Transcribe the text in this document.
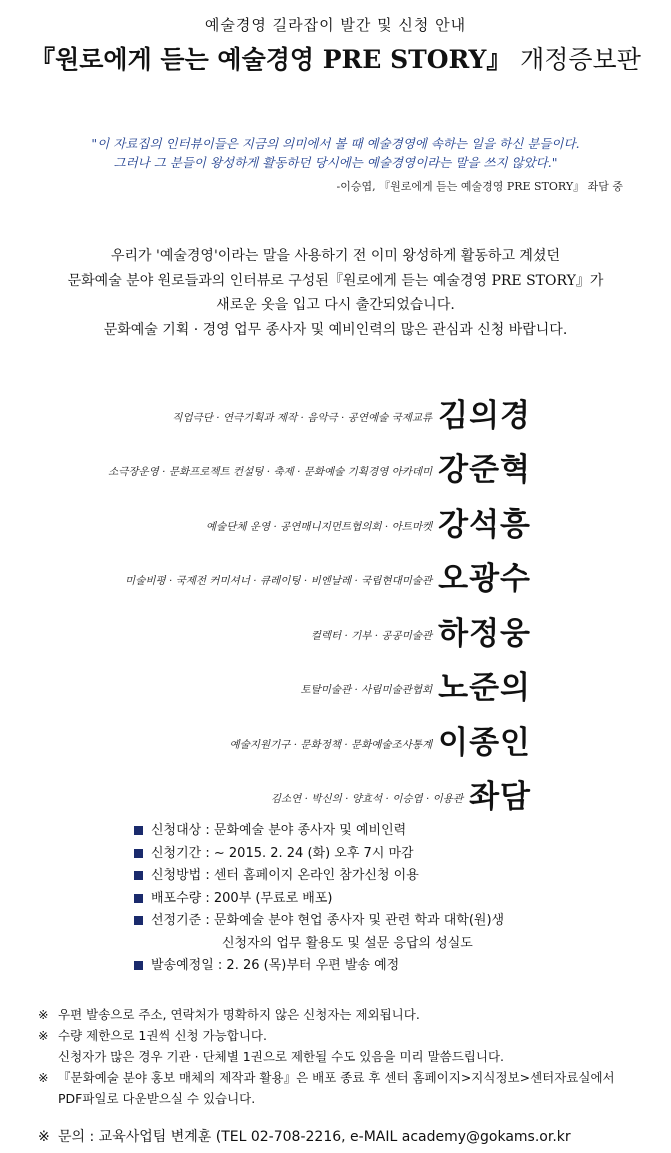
예술경영 길라잡이 발간 및 신청 안내
『원로에게 듣는 예술경영 PRE STORY』 개정증보판
"이 자료집의 인터뷰이들은 지금의 의미에서 볼 때 예술경영에 속하는 일을 하신 분들이다.
그러나 그 분들이 왕성하게 활동하던 당시에는 예술경영이라는 말을 쓰지 않았다."
-이승엽, 『원로에게 듣는 예술경영 PRE STORY』 좌담 중
우리가 '예술경영'이라는 말을 사용하기 전 이미 왕성하게 활동하고 계셨던
문화예술 분야 원로들과의 인터뷰로 구성된『원로에게 듣는 예술경영 PRE STORY』가
새로운 옷을 입고 다시 출간되었습니다.
문화예술 기획 · 경영 업무 종사자 및 예비인력의 많은 관심과 신청 바랍니다.
직업극단 · 연극기획과 제작 · 음악극 · 공연예술 국제교류 김의경
소극장운영 · 문화프로젝트 컨설팅 · 축제 · 문화예술 기획경영 아카데미 강준혁
예술단체 운영 · 공연매니지먼트협의회 · 아트마켓 강석흥
미술비평 · 국제전 커미셔너 · 큐레이팅 · 비엔날레 · 국립현대미술관 오광수
컬렉터 · 기부 · 공공미술관 하정웅
토탈미술관 · 사립미술관협회 노준의
예술지원기구 · 문화정책 · 문화예술조사통계 이종인
김소연 · 박신의 · 양효석 · 이승엽 · 이용관 좌담
신청대상 : 문화예술 분야 종사자 및 예비인력
신청기간 : ~ 2015. 2. 24 (화) 오후 7시 마감
신청방법 : 센터 홈페이지 온라인 참가신청 이용
배포수량 : 200부 (무료로 배포)
선정기준 : 문화예술 분야 현업 종사자 및 관련 학과 대학(원)생
신청자의 업무 활용도 및 설문 응답의 성실도
발송예정일 : 2. 26 (목)부터 우편 발송 예정
※ 우편 발송으로 주소, 연락처가 명확하지 않은 신청자는 제외됩니다.
※ 수량 제한으로 1권씩 신청 가능합니다.
신청자가 많은 경우 기관 · 단체별 1권으로 제한될 수도 있음을 미리 말씀드립니다.
※ 『문화예술 분야 홍보 매체의 제작과 활용』은 배포 종료 후 센터 홈페이지>지식정보>센터자료실에서
PDF파일로 다운받으실 수 있습니다.
※ 문의 : 교육사업팀 변계훈 (TEL 02-708-2216, e-MAIL academy@gokams.or.kr
